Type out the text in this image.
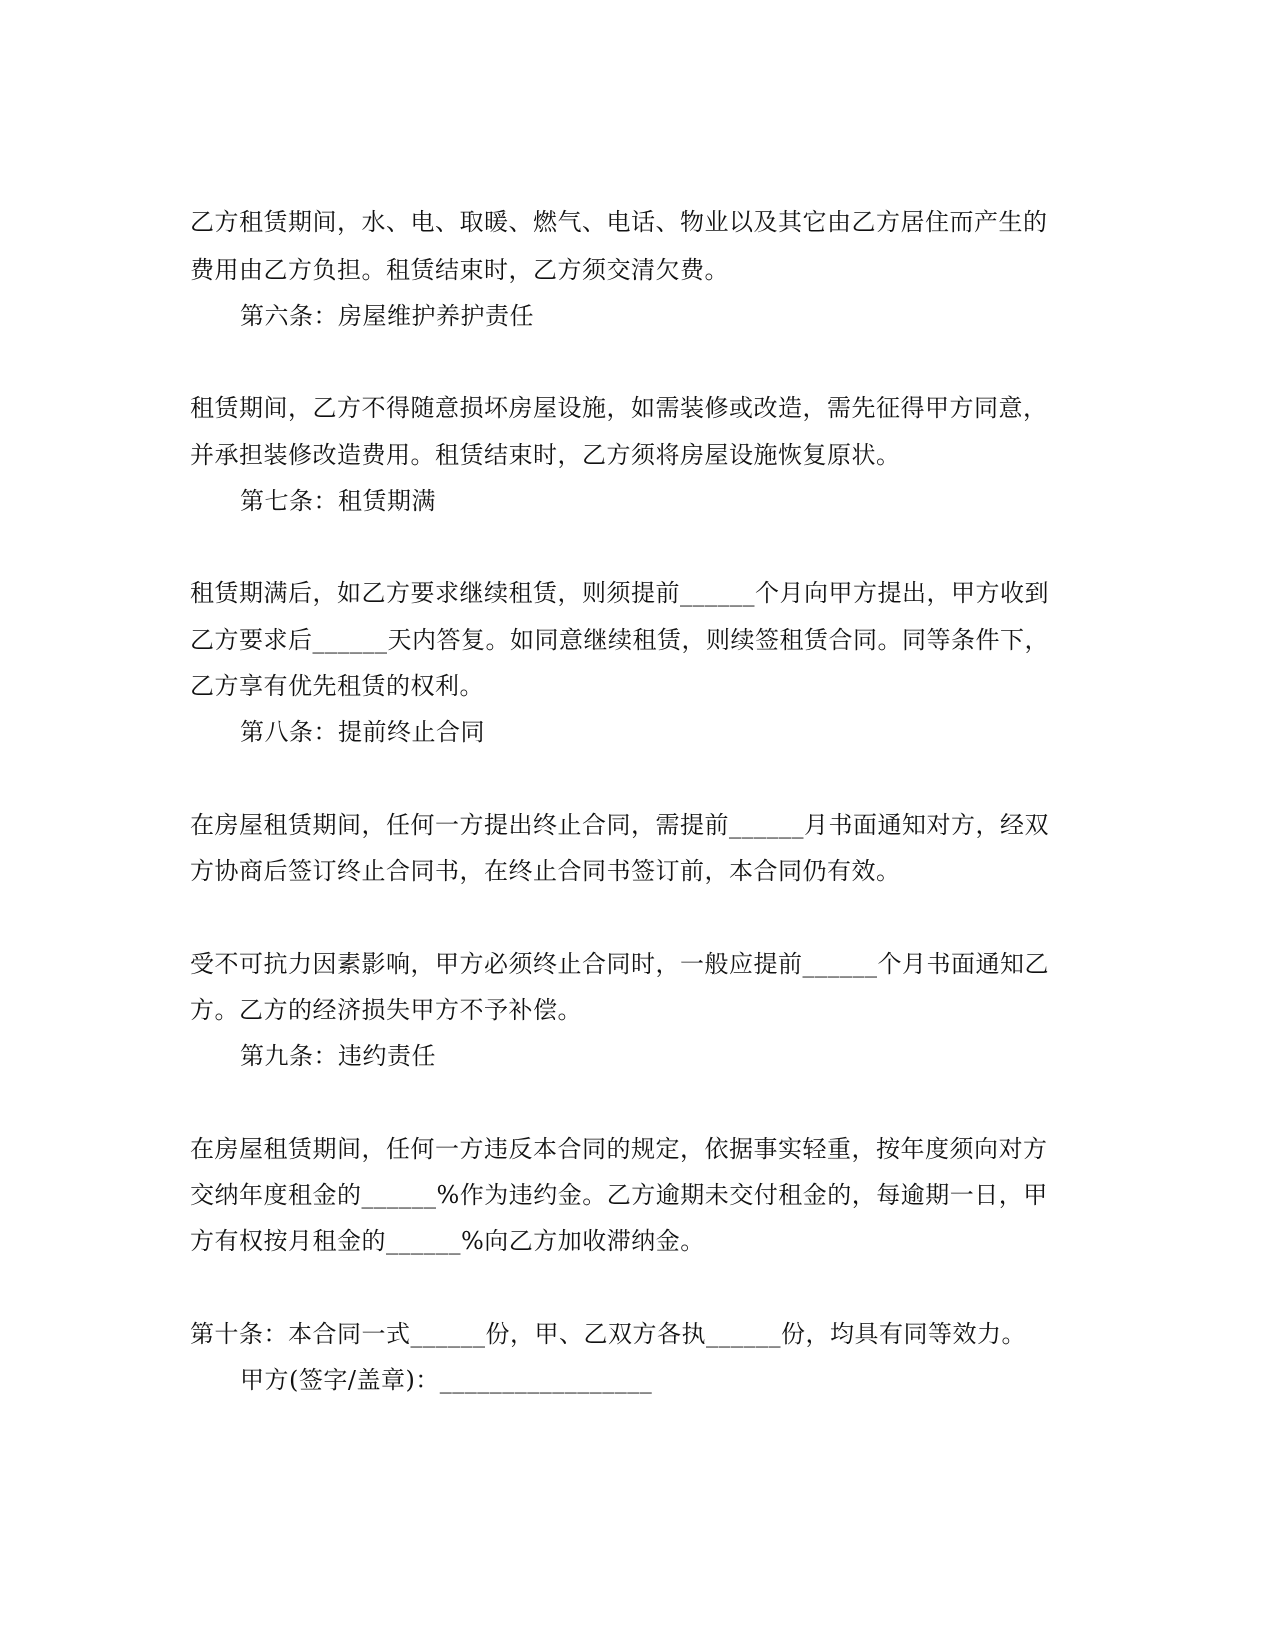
乙方租赁期间，水、电、取暖、燃气、电话、物业以及其它由乙方居住而产生的
费用由乙方负担。租赁结束时，乙方须交清欠费。
第六条：房屋维护养护责任
租赁期间，乙方不得随意损坏房屋设施，如需装修或改造，需先征得甲方同意，
并承担装修改造费用。租赁结束时，乙方须将房屋设施恢复原状。
第七条：租赁期满
租赁期满后，如乙方要求继续租赁，则须提前______个月向甲方提出，甲方收到
乙方要求后______天内答复。如同意继续租赁，则续签租赁合同。同等条件下，
乙方享有优先租赁的权利。
第八条：提前终止合同
在房屋租赁期间，任何一方提出终止合同，需提前______月书面通知对方，经双
方协商后签订终止合同书，在终止合同书签订前，本合同仍有效。
受不可抗力因素影响，甲方必须终止合同时，一般应提前______个月书面通知乙
方。乙方的经济损失甲方不予补偿。
第九条：违约责任
在房屋租赁期间，任何一方违反本合同的规定，依据事实轻重，按年度须向对方
交纳年度租金的______%作为违约金。乙方逾期未交付租金的，每逾期一日，甲
方有权按月租金的______%向乙方加收滞纳金。
第十条：本合同一式______份，甲、乙双方各执______份，均具有同等效力。
甲方(签字/盖章)：_________________
